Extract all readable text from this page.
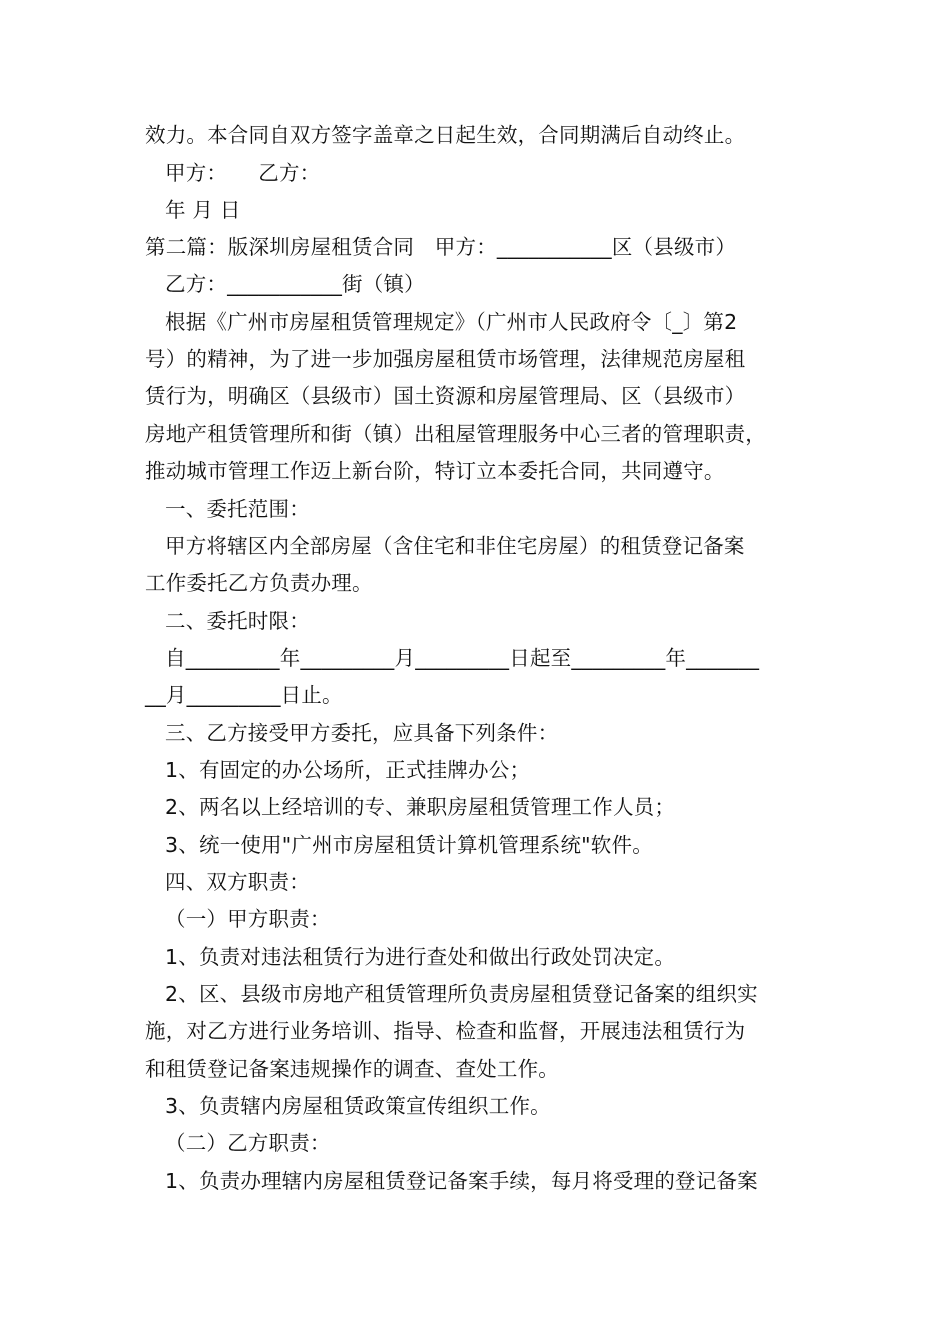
效力。本合同自双方签字盖章之日起生效，合同期满后自动终止。
甲方：　　乙方：
年 月 日
第二篇：版深圳房屋租赁合同　甲方：___________区（县级市）
乙方：___________街（镇）
根据《广州市房屋租赁管理规定》（广州市人民政府令〔_〕第2
号）的精神，为了进一步加强房屋租赁市场管理，法律规范房屋租
赁行为，明确区（县级市）国土资源和房屋管理局、区（县级市）
房地产租赁管理所和街（镇）出租屋管理服务中心三者的管理职责，
推动城市管理工作迈上新台阶，特订立本委托合同，共同遵守。
一、委托范围：
甲方将辖区内全部房屋（含住宅和非住宅房屋）的租赁登记备案
工作委托乙方负责办理。
二、委托时限：
自_________年_________月_________日起至_________年_______
__月_________日止。
三、乙方接受甲方委托，应具备下列条件：
1、有固定的办公场所，正式挂牌办公；
2、两名以上经培训的专、兼职房屋租赁管理工作人员；
3、统一使用"广州市房屋租赁计算机管理系统"软件。
四、双方职责：
（一）甲方职责：
1、负责对违法租赁行为进行查处和做出行政处罚决定。
2、区、县级市房地产租赁管理所负责房屋租赁登记备案的组织实
施，对乙方进行业务培训、指导、检查和监督，开展违法租赁行为
和租赁登记备案违规操作的调查、查处工作。
3、负责辖内房屋租赁政策宣传组织工作。
（二）乙方职责：
1、负责办理辖内房屋租赁登记备案手续，每月将受理的登记备案
